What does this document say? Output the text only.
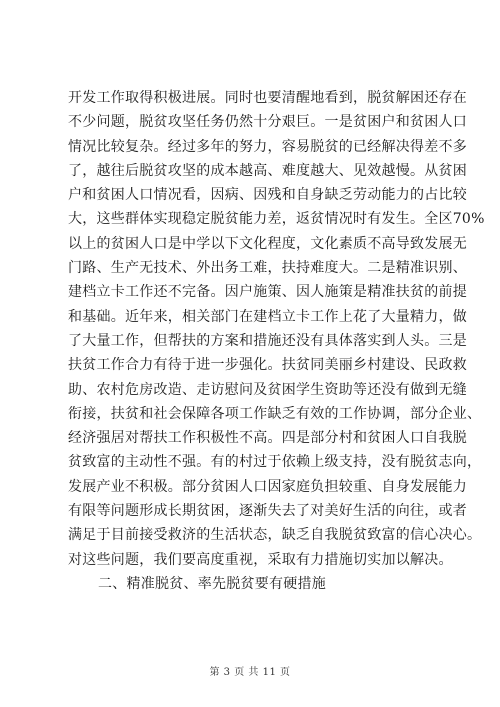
开发工作取得积极进展。同时也要清醒地看到，脱贫解困还存在
不少问题，脱贫攻坚任务仍然十分艰巨。一是贫困户和贫困人口
情况比较复杂。经过多年的努力，容易脱贫的已经解决得差不多
了，越往后脱贫攻坚的成本越高、难度越大、见效越慢。从贫困
户和贫困人口情况看，因病、因残和自身缺乏劳动能力的占比较
大，这些群体实现稳定脱贫能力差，返贫情况时有发生。全区70%
以上的贫困人口是中学以下文化程度，文化素质不高导致发展无
门路、生产无技术、外出务工难，扶持难度大。二是精准识别、
建档立卡工作还不完备。因户施策、因人施策是精准扶贫的前提
和基础。近年来，相关部门在建档立卡工作上花了大量精力，做
了大量工作，但帮扶的方案和措施还没有具体落实到人头。三是
扶贫工作合力有待于进一步强化。扶贫同美丽乡村建设、民政救
助、农村危房改造、走访慰问及贫困学生资助等还没有做到无缝
衔接，扶贫和社会保障各项工作缺乏有效的工作协调，部分企业、
经济强居对帮扶工作积极性不高。四是部分村和贫困人口自我脱
贫致富的主动性不强。有的村过于依赖上级支持，没有脱贫志向，
发展产业不积极。部分贫困人口因家庭负担较重、自身发展能力
有限等问题形成长期贫困，逐渐失去了对美好生活的向往，或者
满足于目前接受救济的生活状态，缺乏自我脱贫致富的信心决心。
对这些问题，我们要高度重视，采取有力措施切实加以解决。
二、精准脱贫、率先脱贫要有硬措施
第 3 页 共 11 页
